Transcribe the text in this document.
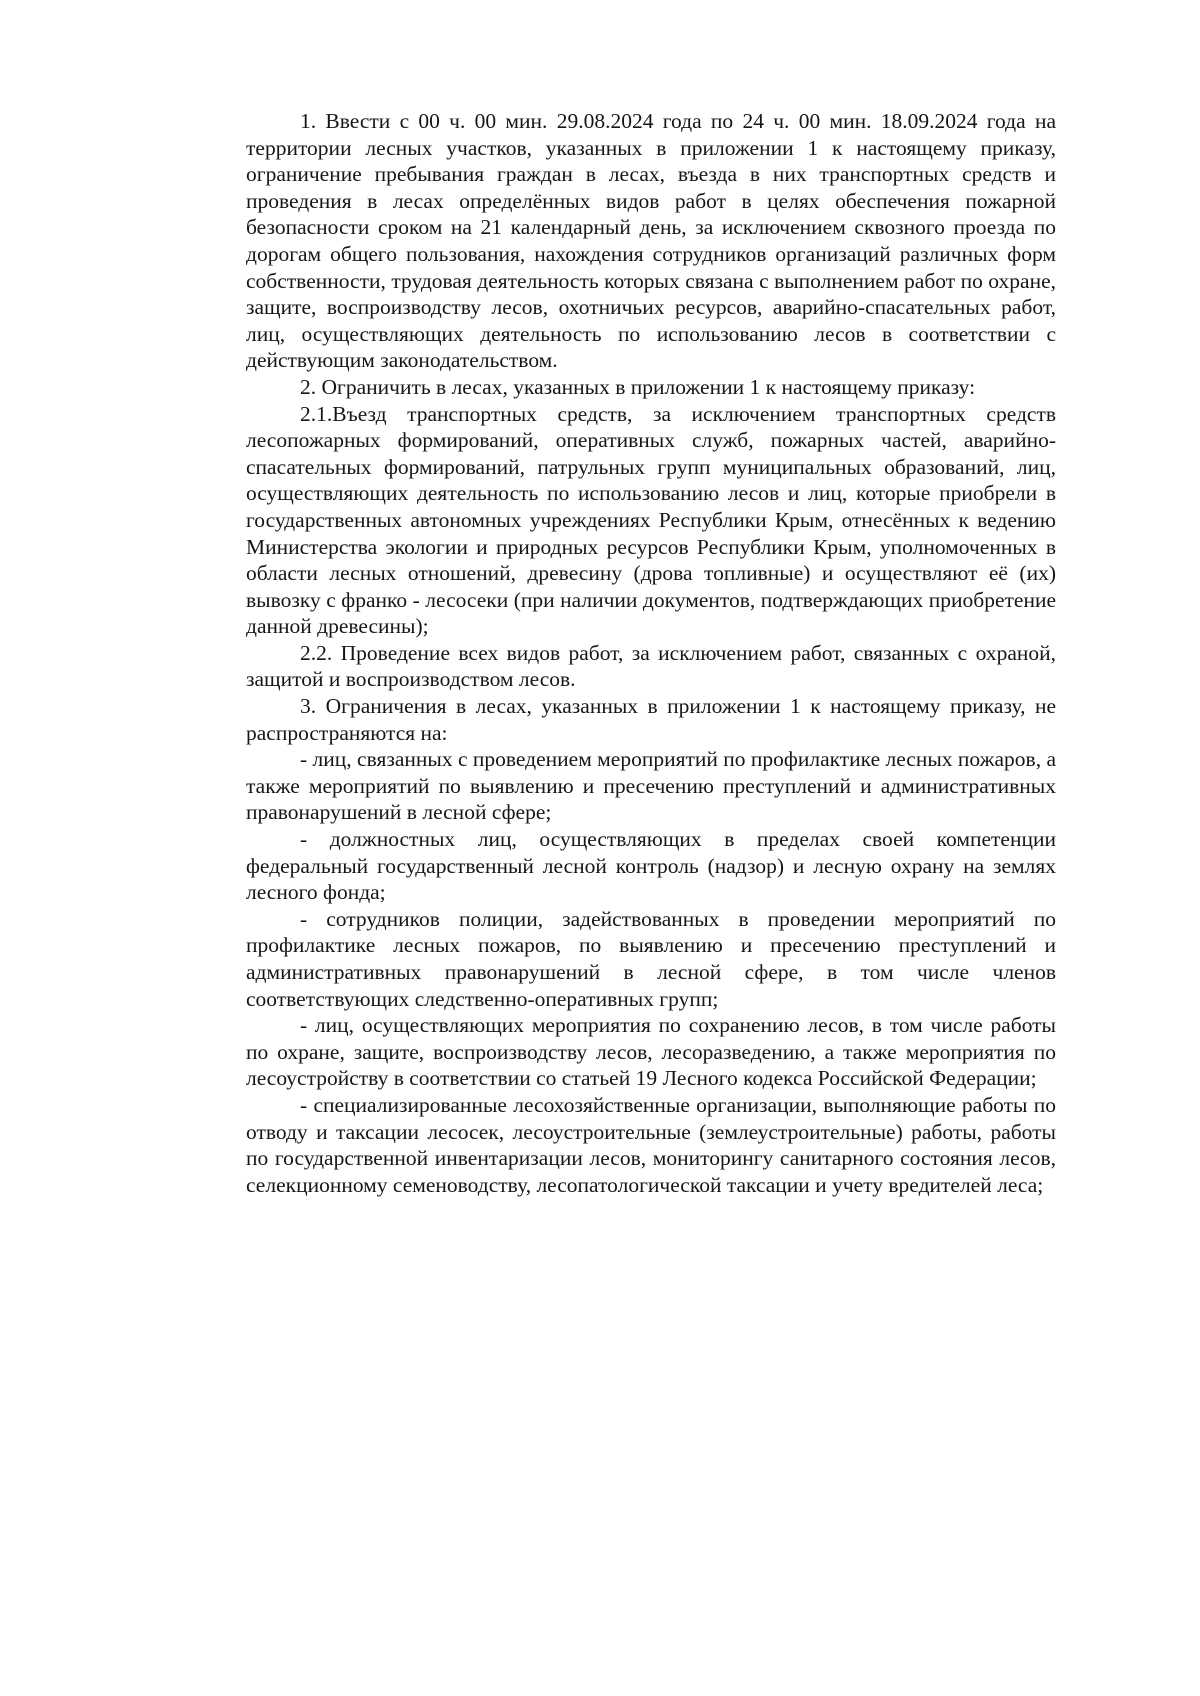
1. Ввести с 00 ч. 00 мин. 29.08.2024 года по 24 ч. 00 мин. 18.09.2024 года на территории лесных участков, указанных в приложении 1 к настоящему приказу, ограничение пребывания граждан в лесах, въезда в них транспортных средств и проведения в лесах определённых видов работ в целях обеспечения пожарной безопасности сроком на 21 календарный день, за исключением сквозного проезда по дорогам общего пользования, нахождения сотрудников организаций различных форм собственности, трудовая деятельность которых связана с выполнением работ по охране, защите, воспроизводству лесов, охотничьих ресурсов, аварийно-спасательных работ, лиц, осуществляющих деятельность по использованию лесов в соответствии с действующим законодательством.

2. Ограничить в лесах, указанных в приложении 1 к настоящему приказу:

2.1.Въезд транспортных средств, за исключением транспортных средств лесопожарных формирований, оперативных служб, пожарных частей, аварийно-спасательных формирований, патрульных групп муниципальных образований, лиц, осуществляющих деятельность по использованию лесов и лиц, которые приобрели в государственных автономных учреждениях Республики Крым, отнесённых к ведению Министерства экологии и природных ресурсов Республики Крым, уполномоченных в области лесных отношений, древесину (дрова топливные) и осуществляют её (их) вывозку с франко - лесосеки (при наличии документов, подтверждающих приобретение данной древесины);

2.2. Проведение всех видов работ, за исключением работ, связанных с охраной, защитой и воспроизводством лесов.

3. Ограничения в лесах, указанных в приложении 1 к настоящему приказу, не распространяются на:

- лиц, связанных с проведением мероприятий по профилактике лесных пожаров, а также мероприятий по выявлению и пресечению преступлений и административных правонарушений в лесной сфере;

- должностных лиц, осуществляющих в пределах своей компетенции федеральный государственный лесной контроль (надзор) и лесную охрану на землях лесного фонда;

- сотрудников полиции, задействованных в проведении мероприятий по профилактике лесных пожаров, по выявлению и пресечению преступлений и административных правонарушений в лесной сфере, в том числе членов соответствующих следственно-оперативных групп;

- лиц, осуществляющих мероприятия по сохранению лесов, в том числе работы по охране, защите, воспроизводству лесов, лесоразведению, а также мероприятия по лесоустройству в соответствии со статьей 19 Лесного кодекса Российской Федерации;

- специализированные лесохозяйственные организации, выполняющие работы по отводу и таксации лесосек, лесоустроительные (землеустроительные) работы, работы по государственной инвентаризации лесов, мониторингу санитарного состояния лесов, селекционному семеноводству, лесопатологической таксации и учету вредителей леса;
